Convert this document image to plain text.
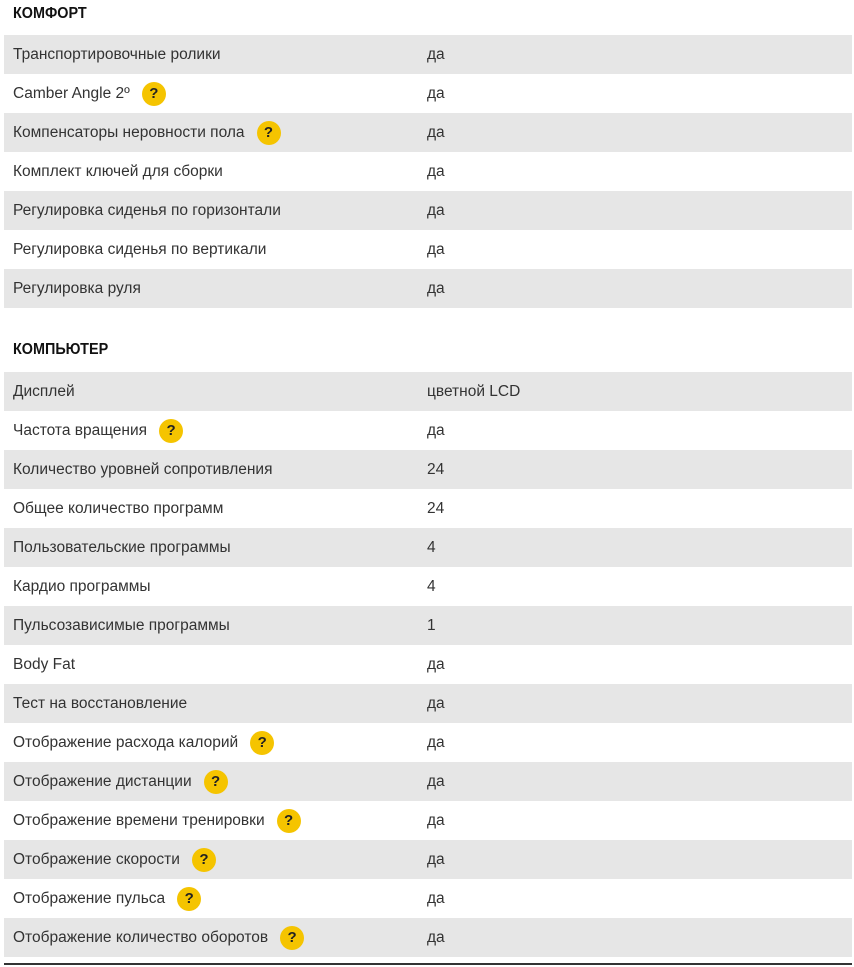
КОМФОРТ
Транспортировочные ролики	да
Camber Angle 2º	?	да
Компенсаторы неровности пола	?	да
Комплект ключей для сборки	да
Регулировка сиденья по горизонтали	да
Регулировка сиденья по вертикали	да
Регулировка руля	да
КОМПЬЮТЕР
Дисплей	цветной LCD
Частота вращения	?	да
Количество уровней сопротивления	24
Общее количество программ	24
Пользовательские программы	4
Кардио программы	4
Пульсозависимые программы	1
Body Fat	да
Тест на восстановление	да
Отображение расхода калорий	?	да
Отображение дистанции	?	да
Отображение времени тренировки	?	да
Отображение скорости	?	да
Отображение пульса	?	да
Отображение количество оборотов	?	да
